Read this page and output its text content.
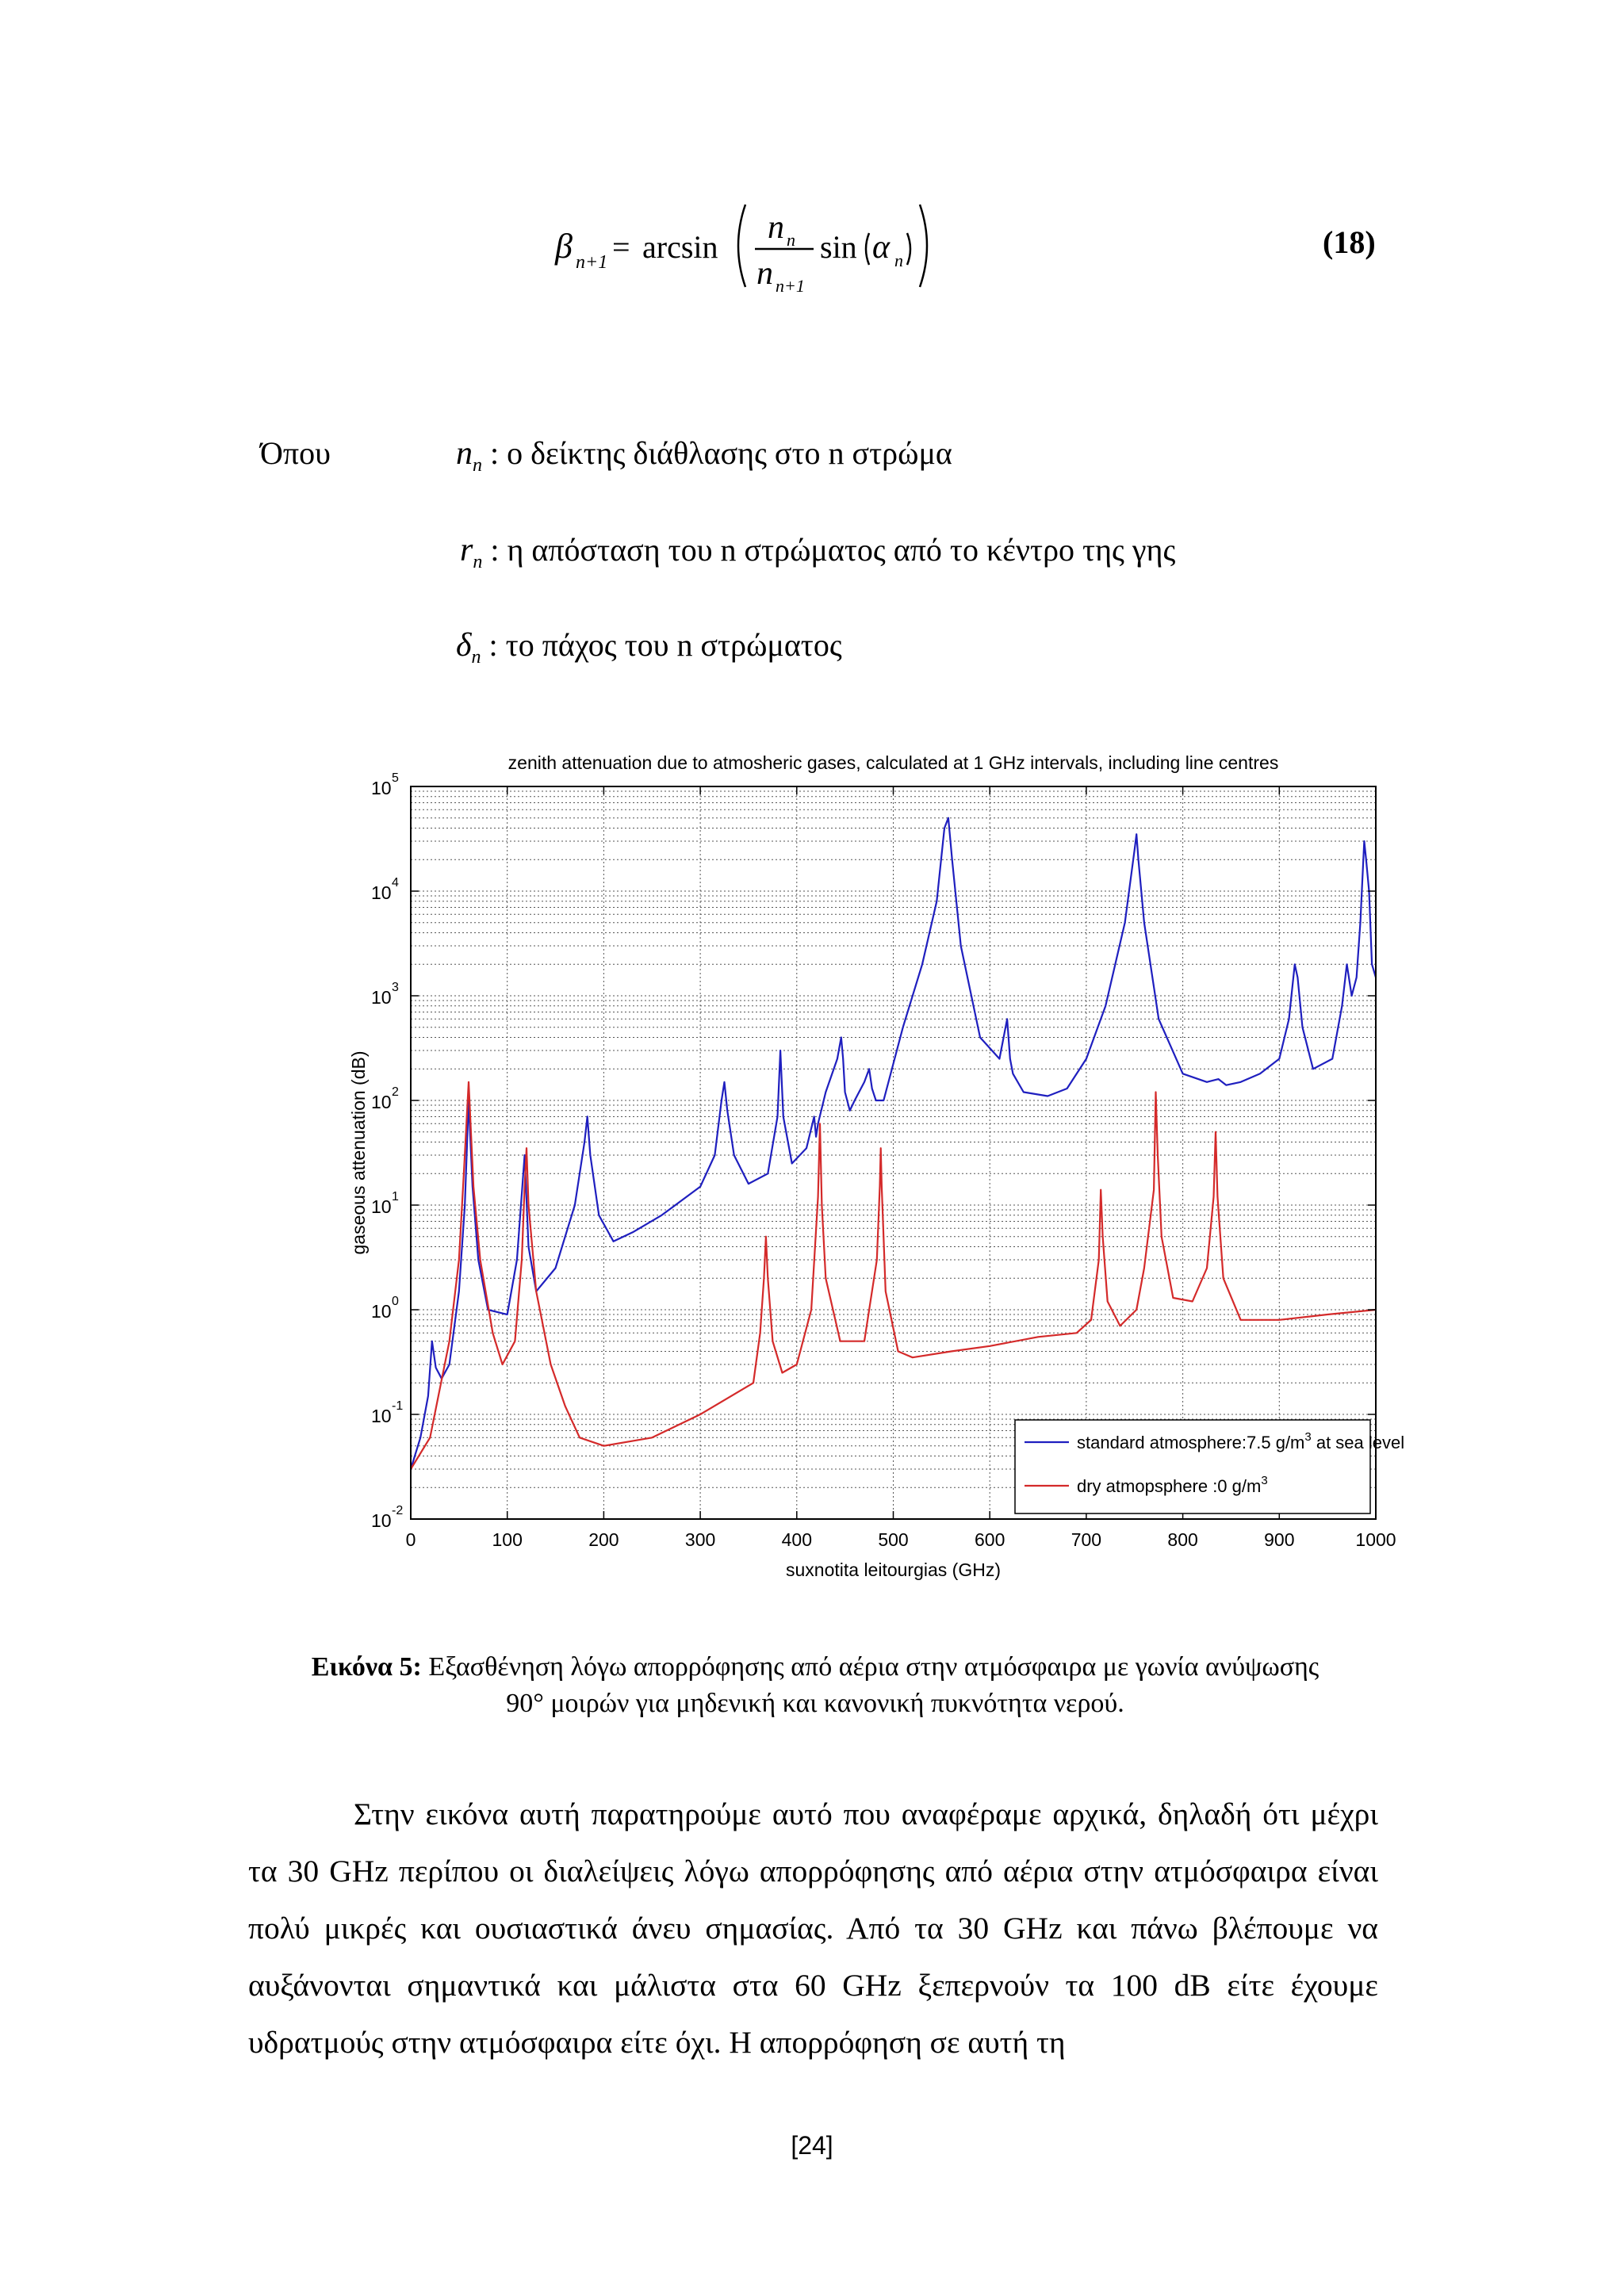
β n+1 = arcsin
n n
n n+1
sin α n
(18)
Όπου	$n_n$ : ο δείκτης διάθλασης στο n στρώμα
$r_n$ : η απόσταση του n στρώματος από το κέντρο της γης
$\delta_n$ : το πάχος του n στρώματος
0	100	200	300	400	500	600	700	800	900	1000
10 -2
10 -1
10 0
10 1
10 2
10 3
10 4
10 5
zenith attenuation due to atmosheric gases, calculated at 1 GHz intervals, including line centres
suxnotita leitourgias (GHz)
gaseous attenuation (dB)
standard atmosphere:7.5 $g/m^3$ at sea level
dry atmopsphere :0 $g/m^3$
Εικόνα 5: Εξασθένηση λόγω απορρόφησης από αέρια στην ατμόσφαιρα με γωνία ανύψωσης
90° μοιρών για μηδενική και κανονική πυκνότητα νερού.
Στην εικόνα αυτή παρατηρούμε αυτό που αναφέραμε αρχικά, δηλαδή ότι μέχρι τα 30 GHz περίπου οι διαλείψεις λόγω απορρόφησης από αέρια στην ατμόσφαιρα είναι πολύ μικρές και ουσιαστικά άνευ σημασίας. Από τα 30 GHz και πάνω βλέπουμε να αυξάνονται σημαντικά και μάλιστα στα 60 GHz ξεπερνούν τα 100 dB είτε έχουμε υδρατμούς στην ατμόσφαιρα είτε όχι. Η απορρόφηση σε αυτή τη
[24]
